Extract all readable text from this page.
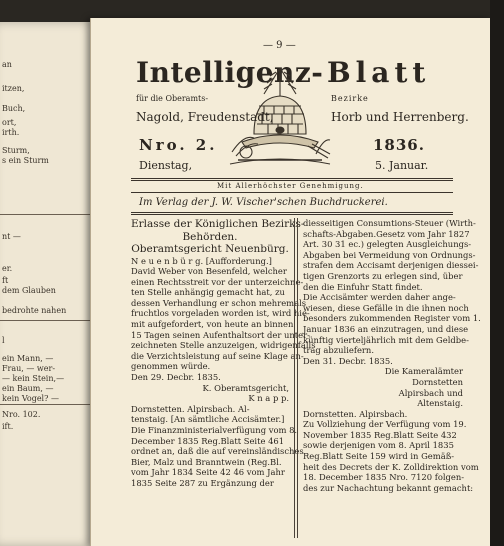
an
itzen,
Buch,
ort,
irth.
Sturm,
s ein Sturm
nt —
er.
ft
dem Glauben
bedrohte nahen
l
ein Mann, —
Frau, — wer-
— kein Stein,—
ein Baum, —
kein Vogel? —
Nro. 102.
ift.
— 9 —
Intelligenz- Blatt
für die Oberamts-	Bezirke
Nagold, Freudenstadt,	Horb und Herrenberg.
Nro. 2.	1836.
Dienstag,	5. Januar.
Mit Allerhöchster Genehmigung.
Im Verlag der J. W. Vischer'schen Buchdruckerei.
Erlasse der Königlichen Bezirks-
Behörden.
Oberamtsgericht Neuenbürg.
N e u e n b ü r g. [Aufforderung.]
David Weber von Besenfeld, welcher
einen Rechtsstreit vor der unterzeichne-
ten Stelle anhängig gemacht hat, zu
dessen Verhandlung er schon mehremals
fruchtlos vorgeladen worden ist, wird hie-
mit aufgefordert, von heute an binnen
15 Tagen seinen Aufenthaltsort der unter-
zeichneten Stelle anzuzeigen, widrigenfalls
die Verzichtsleistung auf seine Klage an-
genommen würde.
Den 29. Decbr. 1835.
K. Oberamtsgericht,
K n a p p.
Dornstetten. Alpirsbach. Al-
tenstaig. [An sämtliche Accisämter.]
Die Finanzministerialverfügung vom 8.
December 1835 Reg.Blatt Seite 461
ordnet an, daß die auf vereinsländisches
Bier, Malz und Branntwein (Reg.Bl.
vom Jahr 1834 Seite 42 46 vom Jahr
1835 Seite 287 zu Ergänzung der
diesseitigen Consumtions-Steuer (Wirth-
schafts-Abgaben.Gesetz vom Jahr 1827
Art. 30 31 ec.) gelegten Ausgleichungs-
Abgaben bei Vermeidung von Ordnungs-
strafen dem Accisamt derjenigen diessei-
tigen Grenzorts zu erlegen sind, über
den die Einfuhr Statt findet.
Die Accisämter werden daher ange-
wiesen, diese Gefälle in die ihnen noch
besonders zukommenden Register vom 1.
Januar 1836 an einzutragen, und diese
künftig vierteljährlich mit dem Geldbe-
trag abzuliefern.
Den 31. Decbr. 1835.
Die Kameralämter
Dornstetten
Alpirsbach und
Altenstaig.
Dornstetten. Alpirsbach.
Zu Vollziehung der Verfügung vom 19.
November 1835 Reg.Blatt Seite 432
sowie derjenigen vom 8. April 1835
Reg.Blatt Seite 159 wird in Gemäß-
heit des Decrets der K. Zolldirektion vom
18. December 1835 Nro. 7120 folgen-
des zur Nachachtung bekannt gemacht:
